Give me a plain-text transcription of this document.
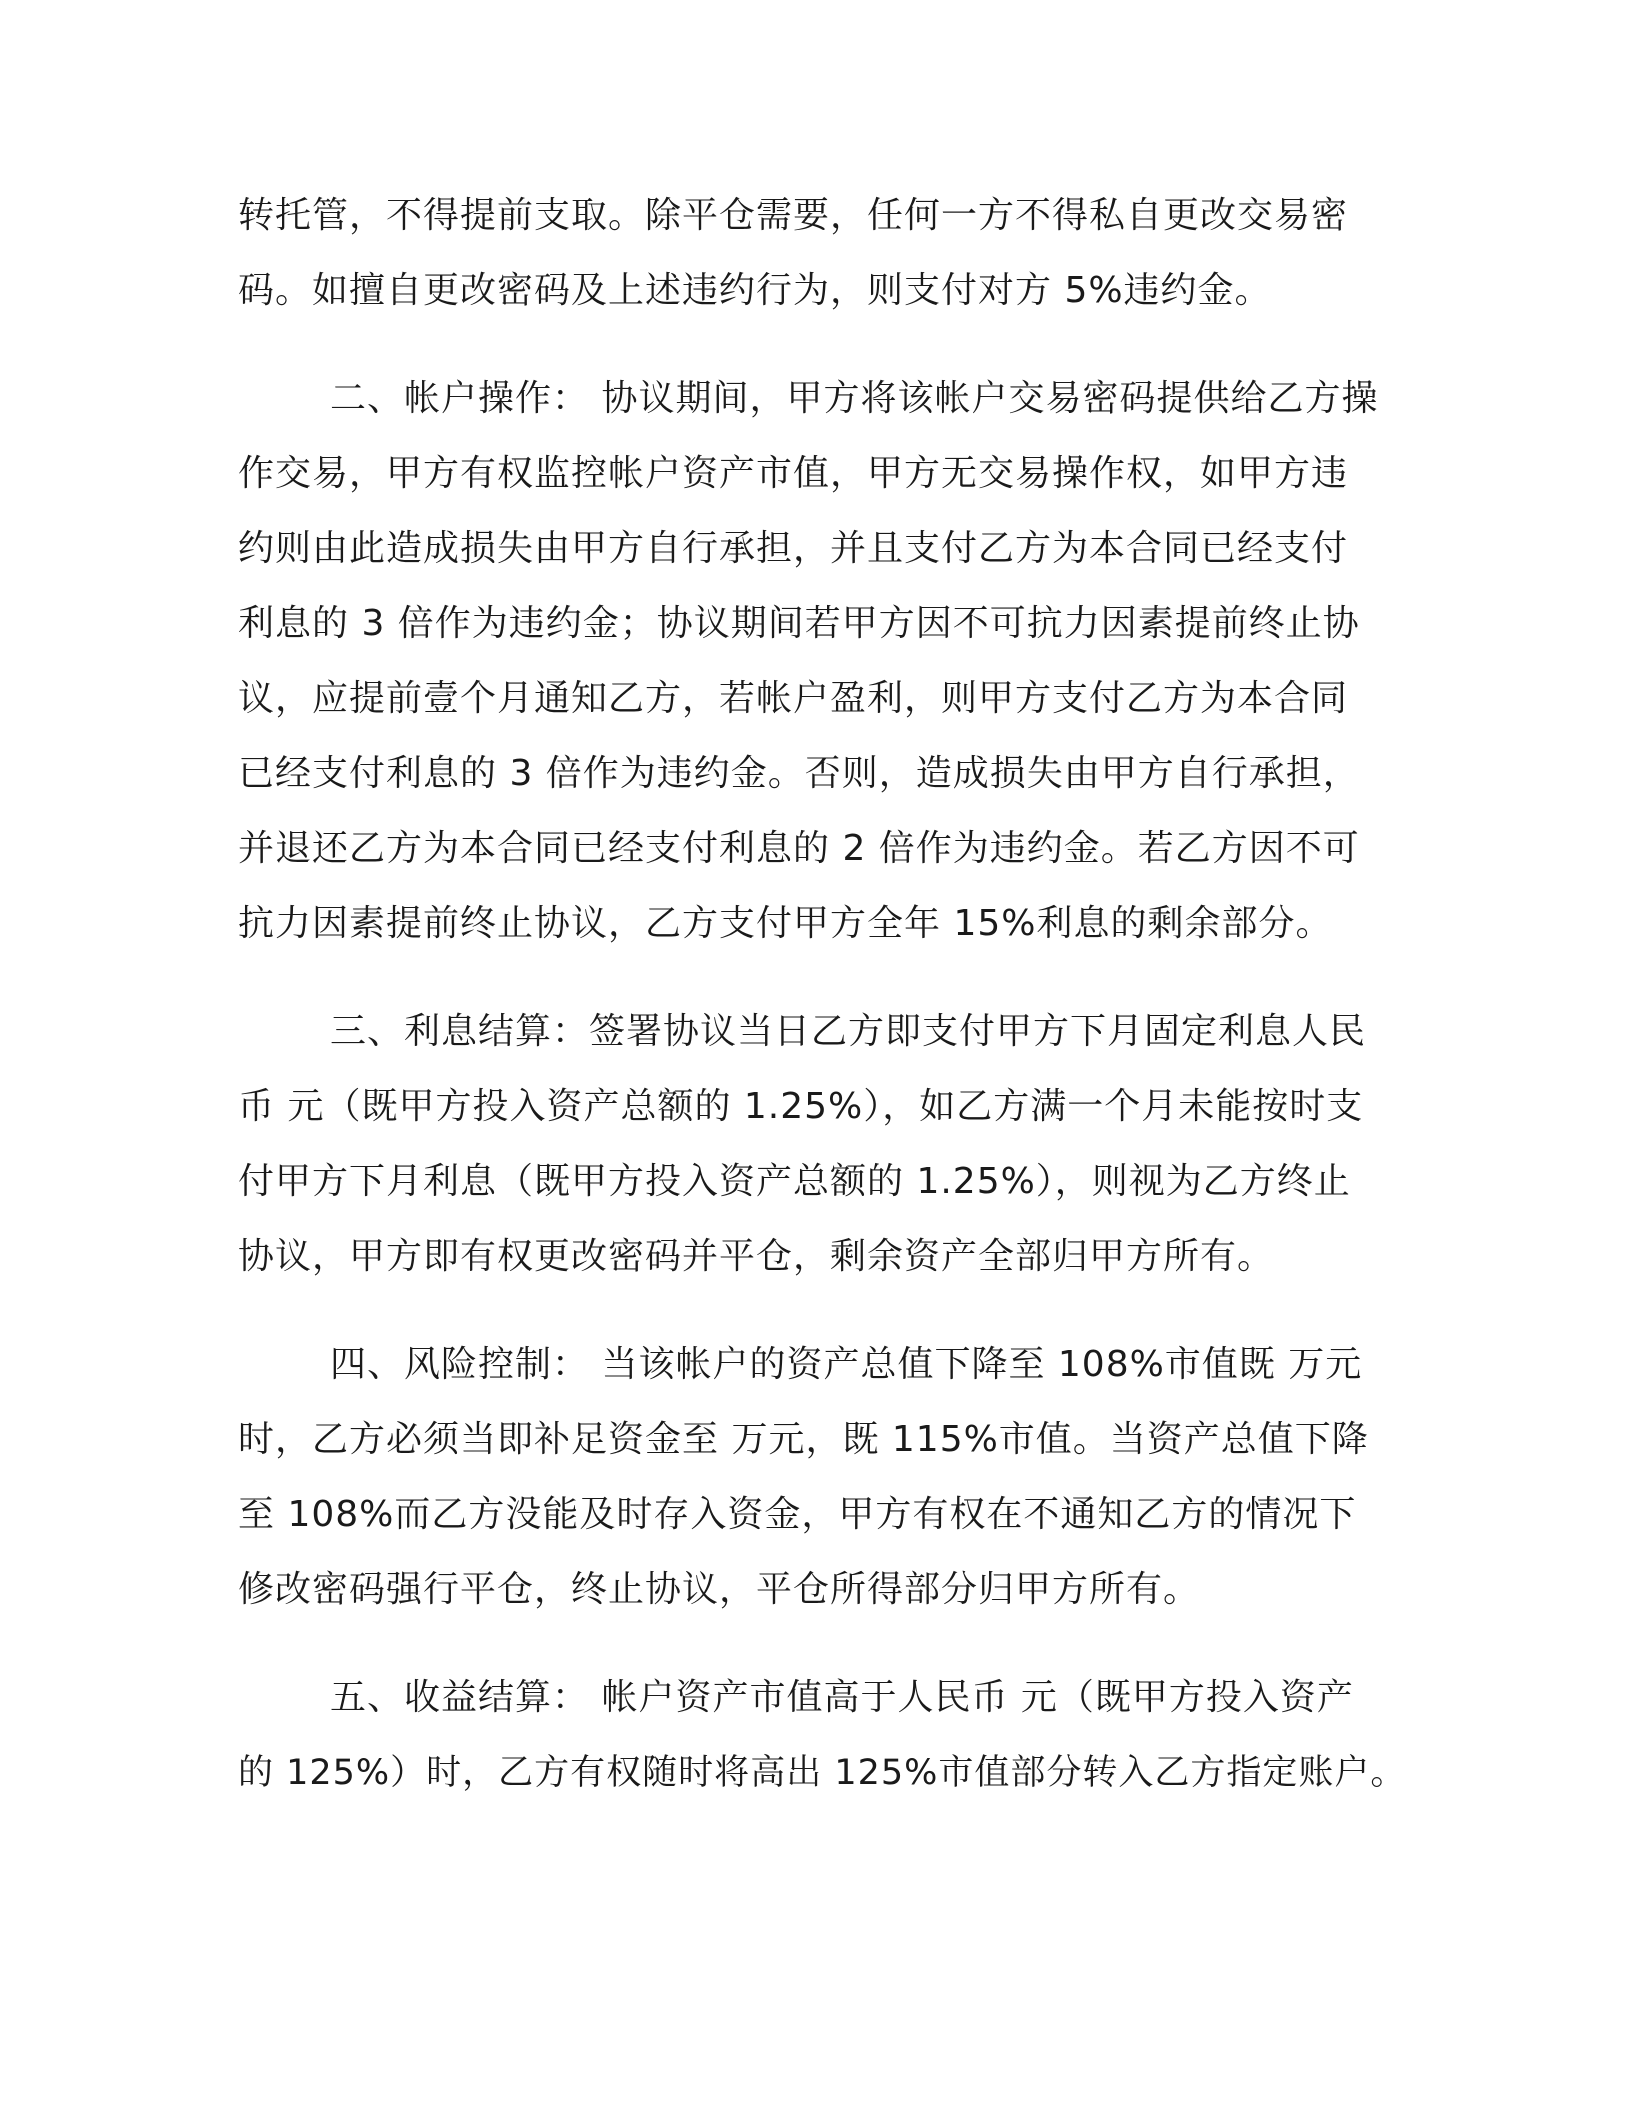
转托管，不得提前支取。除平仓需要，任何一方不得私自更改交易密
码。如擅自更改密码及上述违约行为，则支付对方 5%违约金。
二、帐户操作： 协议期间，甲方将该帐户交易密码提供给乙方操
作交易，甲方有权监控帐户资产市值，甲方无交易操作权，如甲方违
约则由此造成损失由甲方自行承担，并且支付乙方为本合同已经支付
利息的 3 倍作为违约金；协议期间若甲方因不可抗力因素提前终止协
议，应提前壹个月通知乙方，若帐户盈利，则甲方支付乙方为本合同
已经支付利息的 3 倍作为违约金。否则，造成损失由甲方自行承担，
并退还乙方为本合同已经支付利息的 2 倍作为违约金。若乙方因不可
抗力因素提前终止协议，乙方支付甲方全年 15%利息的剩余部分。
三、利息结算：签署协议当日乙方即支付甲方下月固定利息人民
币 元（既甲方投入资产总额的 1.25%），如乙方满一个月未能按时支
付甲方下月利息（既甲方投入资产总额的 1.25%），则视为乙方终止
协议，甲方即有权更改密码并平仓，剩余资产全部归甲方所有。
四、风险控制： 当该帐户的资产总值下降至 108%市值既 万元
时，乙方必须当即补足资金至 万元，既 115%市值。当资产总值下降
至 108%而乙方没能及时存入资金，甲方有权在不通知乙方的情况下
修改密码强行平仓，终止协议，平仓所得部分归甲方所有。
五、收益结算： 帐户资产市值高于人民币 元（既甲方投入资产
的 125%）时，乙方有权随时将高出 125%市值部分转入乙方指定账户。
